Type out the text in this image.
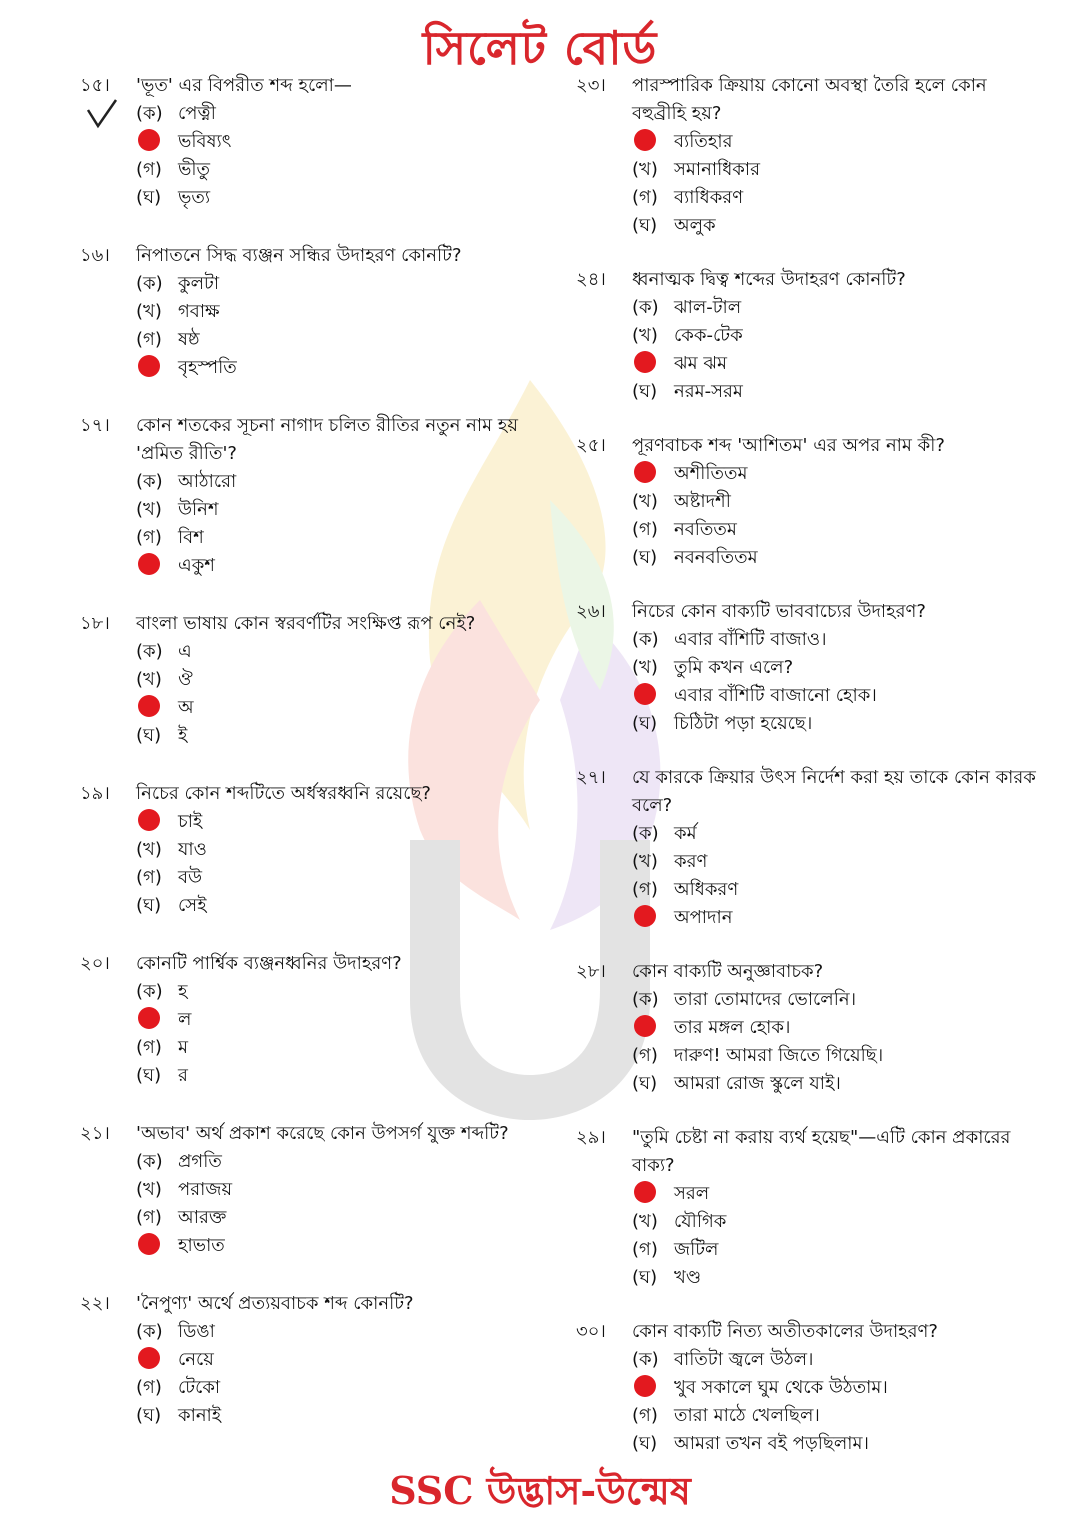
সিলেট বোর্ড
১৫।	'ভূত' এর বিপরীত শব্দ হলো—
(ক) পেত্নী
ভবিষ্যৎ
(গ) ভীতু
(ঘ) ভৃত্য
১৬।	নিপাতনে সিদ্ধ ব্যঞ্জন সন্ধির উদাহরণ কোনটি?
(ক) কুলটা
(খ) গবাক্ষ
(গ) ষষ্ঠ
বৃহস্পতি
১৭।	কোন শতকের সূচনা নাগাদ চলিত রীতির নতুন নাম হয় 'প্রমিত রীতি'?
(ক) আঠারো
(খ) উনিশ
(গ) বিশ
একুশ
১৮।	বাংলা ভাষায় কোন স্বরবর্ণটির সংক্ষিপ্ত রূপ নেই?
(ক) এ
(খ) ঔ
অ
(ঘ) ই
১৯।	নিচের কোন শব্দটিতে অর্ধস্বরধ্বনি রয়েছে?
চাই
(খ) যাও
(গ) বউ
(ঘ) সেই
২০।	কোনটি পার্শ্বিক ব্যঞ্জনধ্বনির উদাহরণ?
(ক) হ
ল
(গ) ম
(ঘ) র
২১।	'অভাব' অর্থ প্রকাশ করেছে কোন উপসর্গ যুক্ত শব্দটি?
(ক) প্রগতি
(খ) পরাজয়
(গ) আরক্ত
হাভাত
২২।	'নৈপুণ্য' অর্থে প্রত্যয়বাচক শব্দ কোনটি?
(ক) ডিঙা
নেয়ে
(গ) টেকো
(ঘ) কানাই
২৩।	পারস্পারিক ক্রিয়ায় কোনো অবস্থা তৈরি হলে কোন বহুব্রীহি হয়?
ব্যতিহার
(খ) সমানাধিকার
(গ) ব্যাধিকরণ
(ঘ) অলুক
২৪।	ধ্বনাত্মক দ্বিত্ব শব্দের উদাহরণ কোনটি?
(ক) ঝাল-টাল
(খ) কেক-টেক
ঝম ঝম
(ঘ) নরম-সরম
২৫।	পূরণবাচক শব্দ 'আশিতম' এর অপর নাম কী?
অশীতিতম
(খ) অষ্টাদশী
(গ) নবতিতম
(ঘ) নবনবতিতম
২৬।	নিচের কোন বাক্যটি ভাববাচ্যের উদাহরণ?
(ক) এবার বাঁশিটি বাজাও।
(খ) তুমি কখন এলে?
এবার বাঁশিটি বাজানো হোক।
(ঘ) চিঠিটা পড়া হয়েছে।
২৭।	যে কারকে ক্রিয়ার উৎস নির্দেশ করা হয় তাকে কোন কারক বলে?
(ক) কর্ম
(খ) করণ
(গ) অধিকরণ
অপাদান
২৮।	কোন বাক্যটি অনুজ্ঞাবাচক?
(ক) তারা তোমাদের ভোলেনি।
তার মঙ্গল হোক।
(গ) দারুণ! আমরা জিতে গিয়েছি।
(ঘ) আমরা রোজ স্কুলে যাই।
২৯।	"তুমি চেষ্টা না করায় ব্যর্থ হয়েছ"—এটি কোন প্রকারের বাক্য?
সরল
(খ) যৌগিক
(গ) জটিল
(ঘ) খণ্ড
৩০।	কোন বাক্যটি নিত্য অতীতকালের উদাহরণ?
(ক) বাতিটা জ্বলে উঠল।
খুব সকালে ঘুম থেকে উঠতাম।
(গ) তারা মাঠে খেলছিল।
(ঘ) আমরা তখন বই পড়ছিলাম।
SSC উদ্ভাস-উন্মেষ
